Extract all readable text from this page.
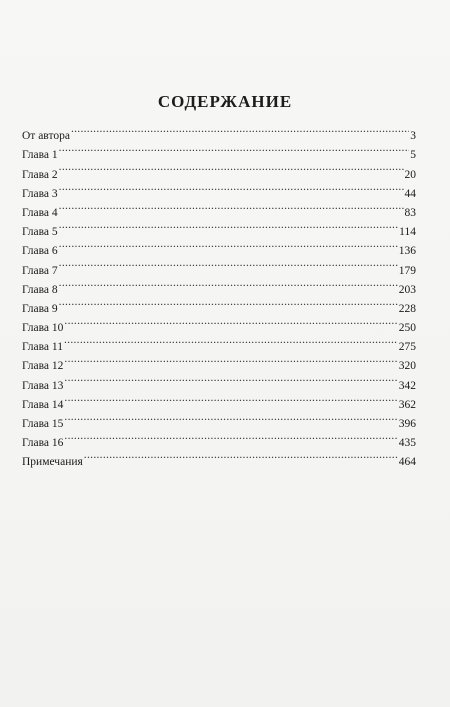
СОДЕРЖАНИЕ
От автора .....	3
Глава 1 .....	5
Глава 2 .....	20
Глава 3 .....	44
Глава 4 .....	83
Глава 5 .....	114
Глава 6 .....	136
Глава 7 .....	179
Глава 8 .....	203
Глава 9 .....	228
Глава 10 .....	250
Глава 11 .....	275
Глава 12 .....	320
Глава 13 .....	342
Глава 14 .....	362
Глава 15 .....	396
Глава 16 .....	435
Примечания .....	464
